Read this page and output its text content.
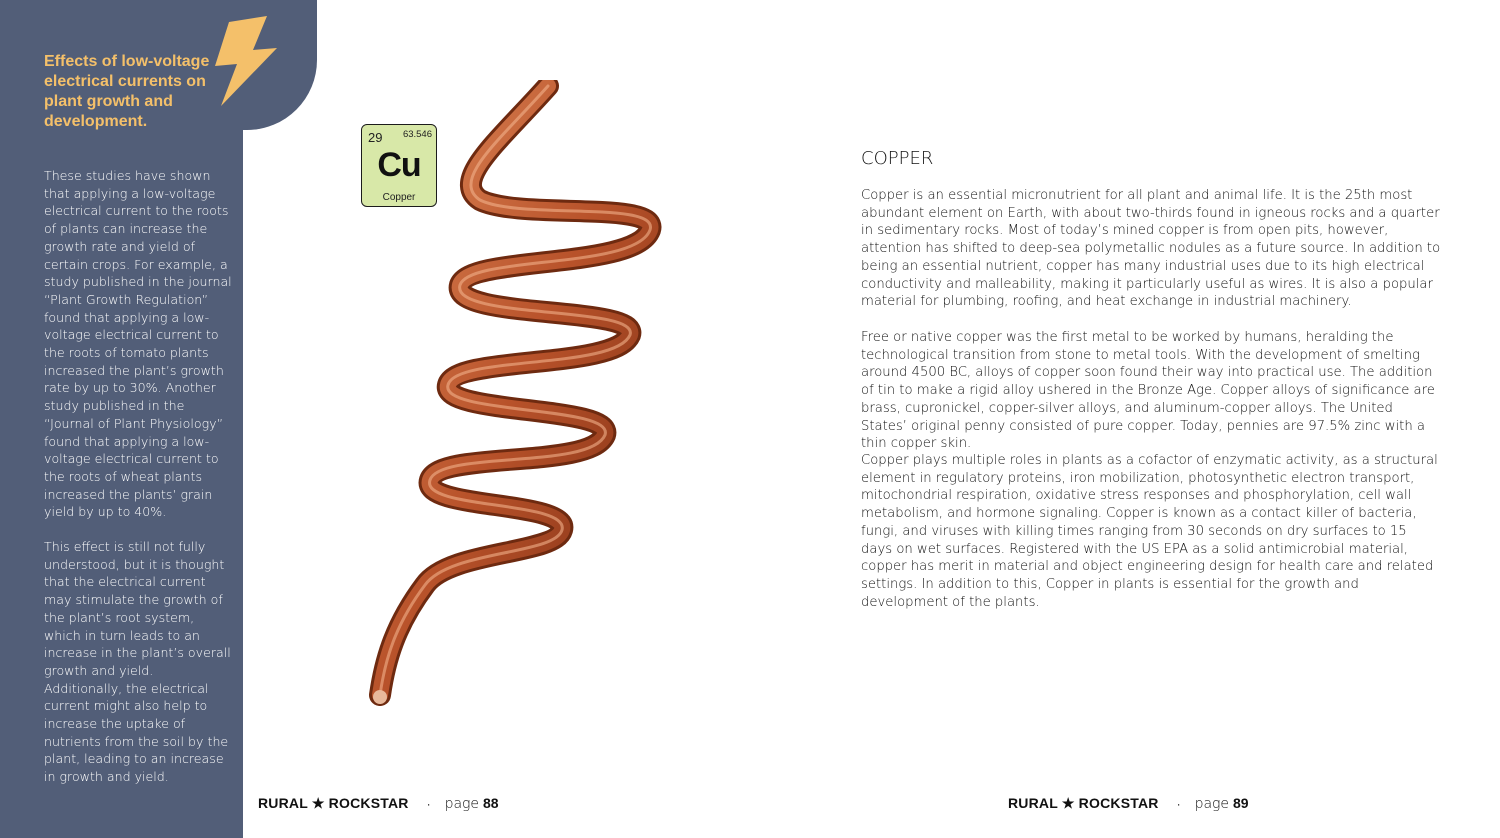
Effects of low-voltage electrical currents on plant growth and development.

These studies have shown that applying a low-voltage electrical current to the roots of plants can increase the growth rate and yield of certain crops. For example, a study published in the journal “Plant Growth Regulation” found that applying a low-voltage electrical current to the roots of tomato plants increased the plant’s growth rate by up to 30%. Another study published in the “Journal of Plant Physiology” found that applying a low-voltage electrical current to the roots of wheat plants increased the plants’ grain yield by up to 40%.

This effect is still not fully understood, but it is thought that the electrical current may stimulate the growth of the plant’s root system, which in turn leads to an increase in the plant’s overall growth and yield. Additionally, the electrical current might also help to increase the uptake of nutrients from the soil by the plant, leading to an increase in growth and yield.

29 63.546
Cu
Copper
COPPER

Copper is an essential micronutrient for all plant and animal life. It is the 25th most abundant element on Earth, with about two-thirds found in igneous rocks and a quarter in sedimentary rocks. Most of today’s mined copper is from open pits, however, attention has shifted to deep-sea polymetallic nodules as a future source. In addition to being an essential nutrient, copper has many industrial uses due to its high electrical conductivity and malleability, making it particularly useful as wires. It is also a popular material for plumbing, roofing, and heat exchange in industrial machinery.

Free or native copper was the first metal to be worked by humans, heralding the technological transition from stone to metal tools. With the development of smelting around 4500 BC, alloys of copper soon found their way into practical use. The addition of tin to make a rigid alloy ushered in the Bronze Age. Copper alloys of significance are brass, cupronickel, copper-silver alloys, and aluminum-copper alloys. The United States’ original penny consisted of pure copper. Today, pennies are 97.5% zinc with a thin copper skin.

Copper plays multiple roles in plants as a cofactor of enzymatic activity, as a structural element in regulatory proteins, iron mobilization, photosynthetic electron transport, mitochondrial respiration, oxidative stress responses and phosphorylation, cell wall metabolism, and hormone signaling. Copper is known as a contact killer of bacteria, fungi, and viruses with killing times ranging from 30 seconds on dry surfaces to 15 days on wet surfaces. Registered with the US EPA as a solid antimicrobial material, copper has merit in material and object engineering design for health care and related settings. In addition to this, Copper in plants is essential for the growth and development of the plants.

RURAL ★ ROCKSTAR · page 88	RURAL ★ ROCKSTAR · page 89
